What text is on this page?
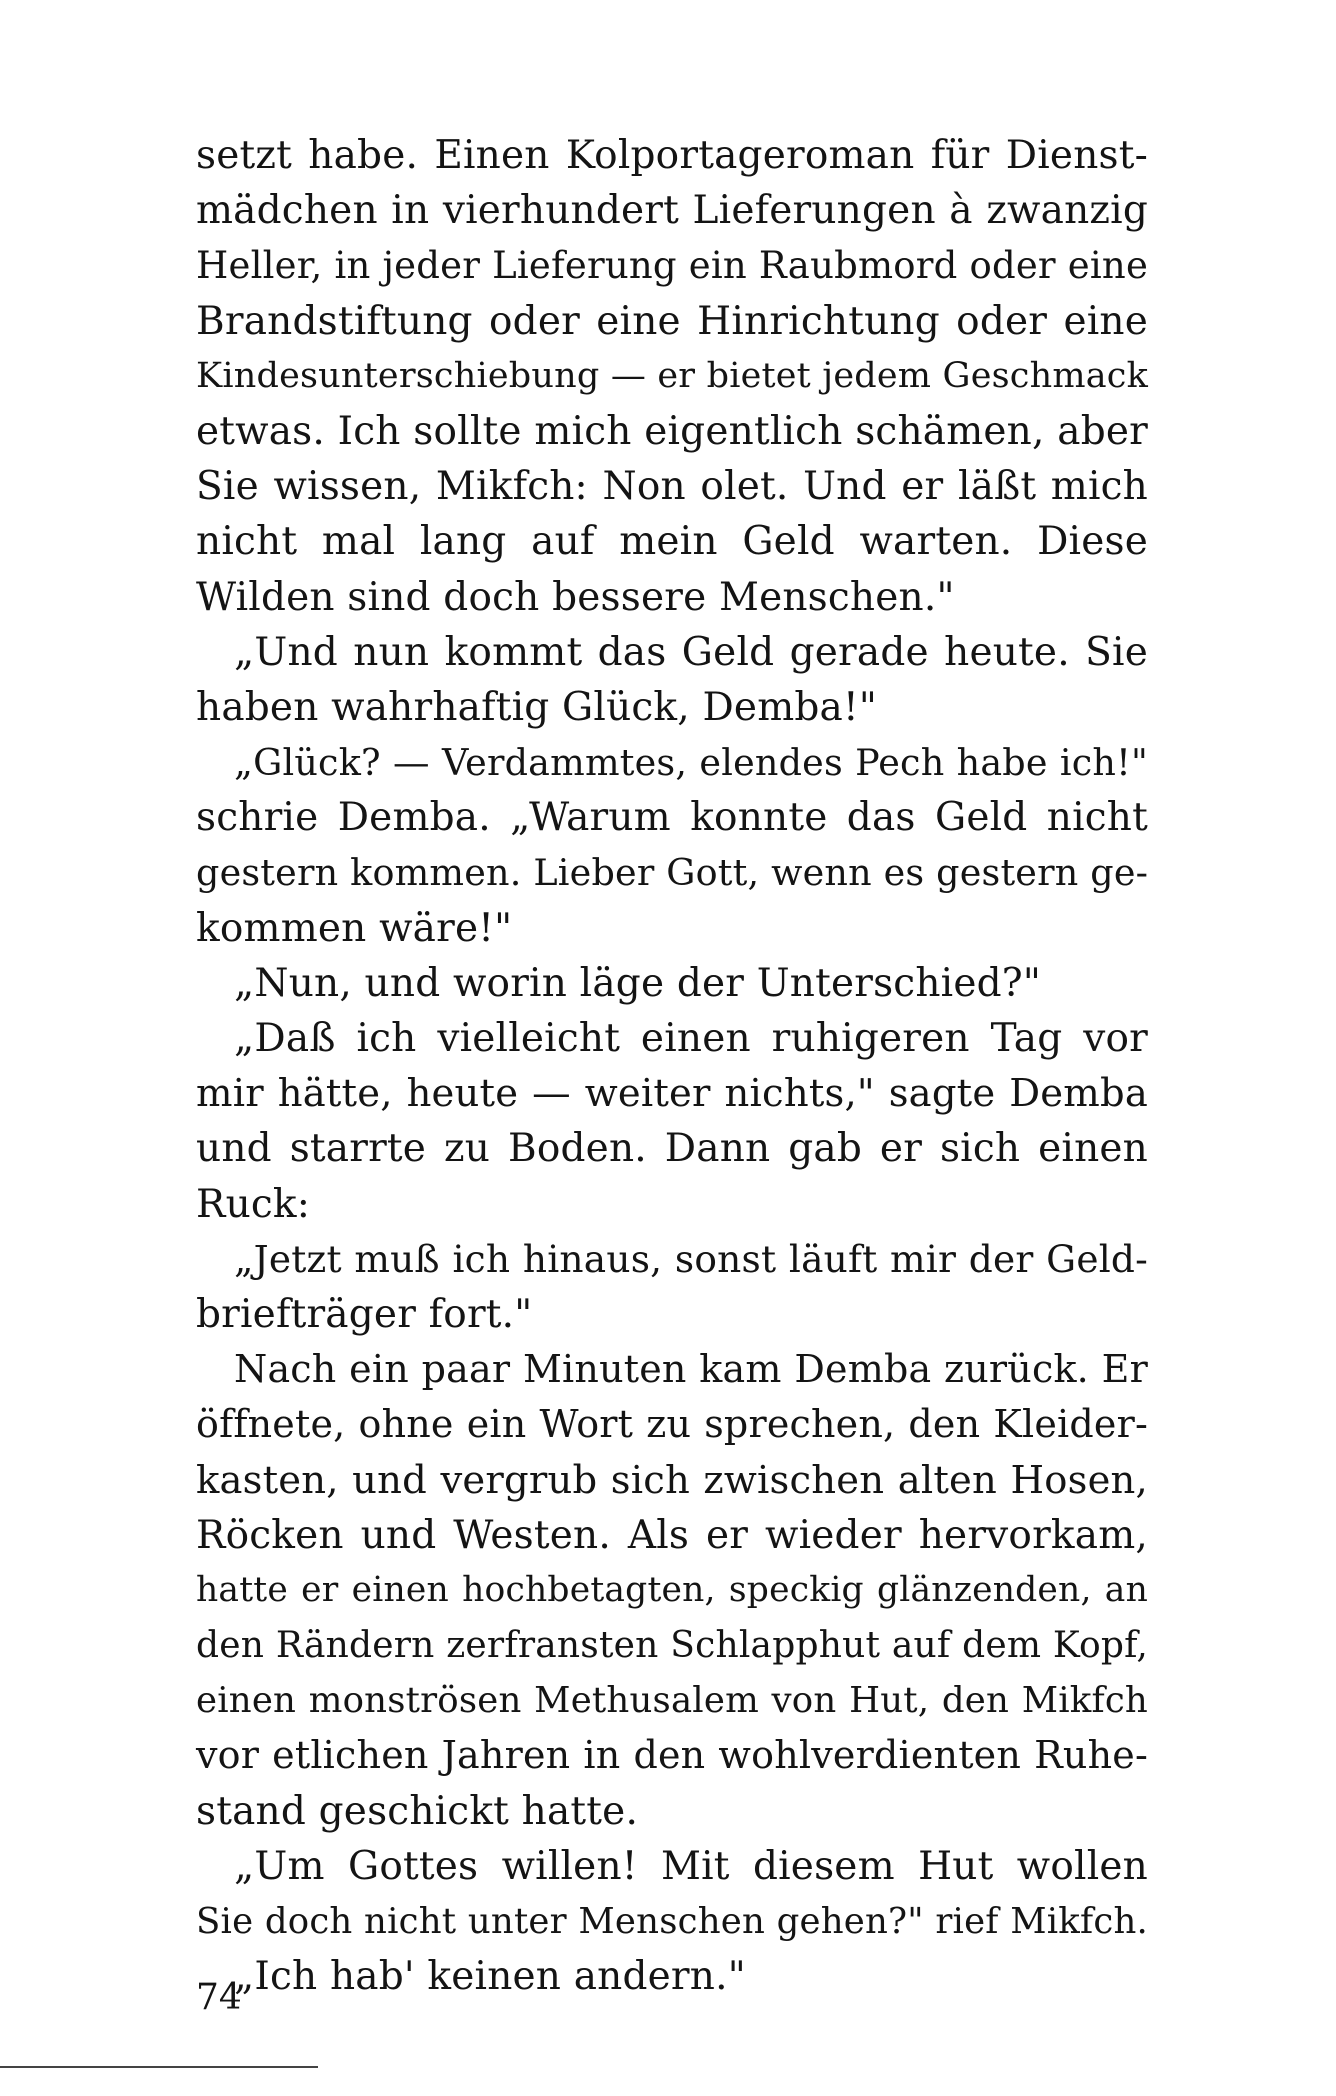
setzt habe. Einen Kolportageroman für Dienst-
mädchen in vierhundert Lieferungen à zwanzig
Heller, in jeder Lieferung ein Raubmord oder eine
Brandstiftung oder eine Hinrichtung oder eine
Kindesunterschiebung — er bietet jedem Geschmack
etwas. Ich sollte mich eigentlich schämen, aber
Sie wissen, Mikfch: Non olet. Und er läßt mich
nicht mal lang auf mein Geld warten. Diese
Wilden sind doch bessere Menschen."
„Und nun kommt das Geld gerade heute. Sie
haben wahrhaftig Glück, Demba!"
„Glück? — Verdammtes, elendes Pech habe ich!"
schrie Demba. „Warum konnte das Geld nicht
gestern kommen. Lieber Gott, wenn es gestern ge-
kommen wäre!"
„Nun, und worin läge der Unterschied?"
„Daß ich vielleicht einen ruhigeren Tag vor
mir hätte, heute — weiter nichts," sagte Demba
und starrte zu Boden. Dann gab er sich einen
Ruck:
„Jetzt muß ich hinaus, sonst läuft mir der Geld-
briefträger fort."
Nach ein paar Minuten kam Demba zurück. Er
öffnete, ohne ein Wort zu sprechen, den Kleider-
kasten, und vergrub sich zwischen alten Hosen,
Röcken und Westen. Als er wieder hervorkam,
hatte er einen hochbetagten, speckig glänzenden, an
den Rändern zerfransten Schlapphut auf dem Kopf,
einen monströsen Methusalem von Hut, den Mikfch
vor etlichen Jahren in den wohlverdienten Ruhe-
stand geschickt hatte.
„Um Gottes willen! Mit diesem Hut wollen
Sie doch nicht unter Menschen gehen?" rief Mikfch.
„Ich hab' keinen andern."
74
